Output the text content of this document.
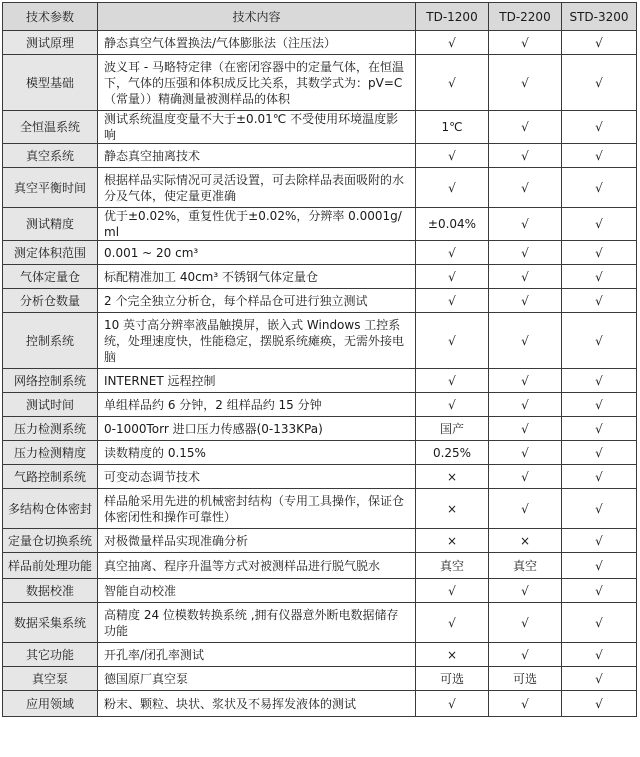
技术参数	技术内容	TD-1200	TD-2200	STD-3200
测试原理	静态真空气体置换法/气体膨胀法（注压法）	√	√	√
模型基础	波义耳 - 马略特定律（在密闭容器中的定量气体，在恒温下，气体的压强和体积成反比关系，其数学式为：pV=C（常量））精确测量被测样品的体积	√	√	√
全恒温系统	测试系统温度变量不大于±0.01℃ 不受使用环境温度影响	1℃	√	√
真空系统	静态真空抽离技术	√	√	√
真空平衡时间	根据样品实际情况可灵活设置，可去除样品表面吸附的水分及气体，使定量更准确	√	√	√
测试精度	优于±0.02%，重复性优于±0.02%，分辨率 0.0001g/ml	±0.04%	√	√
测定体积范围	0.001 ~ 20 cm³	√	√	√
气体定量仓	标配精准加工 40cm³ 不锈钢气体定量仓	√	√	√
分析仓数量	2 个完全独立分析仓，每个样品仓可进行独立测试	√	√	√
控制系统	10 英寸高分辨率液晶触摸屏，嵌入式 Windows 工控系统，处理速度快，性能稳定，摆脱系统瘫痪，无需外接电脑	√	√	√
网络控制系统	INTERNET 远程控制	√	√	√
测试时间	单组样品约 6 分钟，2 组样品约 15 分钟	√	√	√
压力检测系统	0-1000Torr 进口压力传感器(0-133KPa)	国产	√	√
压力检测精度	读数精度的 0.15%	0.25%	√	√
气路控制系统	可变动态调节技术	×	√	√
多结构仓体密封	样品舱采用先进的机械密封结构（专用工具操作，保证仓体密闭性和操作可靠性）	×	√	√
定量仓切换系统	对极微量样品实现准确分析	×	×	√
样品前处理功能	真空抽离、程序升温等方式对被测样品进行脱气脱水	真空	真空	√
数据校准	智能自动校准	√	√	√
数据采集系统	高精度 24 位模数转换系统 ,拥有仪器意外断电数据储存功能	√	√	√
其它功能	开孔率/闭孔率测试	×	√	√
真空泵	德国原厂真空泵	可选	可选	√
应用领域	粉末、颗粒、块状、浆状及不易挥发液体的测试	√	√	√
